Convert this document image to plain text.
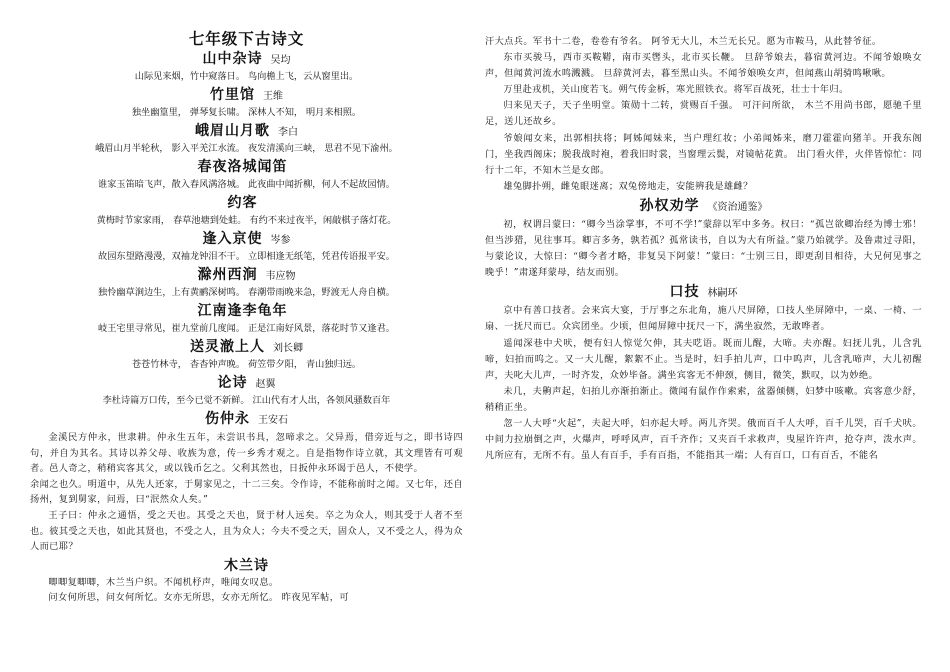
七年级下古诗文
山中杂诗 吴均
山际见来烟，竹中窥落日。 鸟向檐上飞，云从窗里出。
竹里馆 王维
独坐幽篁里， 弹琴复长啸。 深林人不知， 明月来相照。
峨眉山月歌 李白
峨眉山月半轮秋， 影入平羌江水流。 夜发清溪向三峡， 思君不见下渝州。
春夜洛城闻笛
谁家玉笛暗飞声，散入春风满洛城。 此夜曲中闻折柳，何人不起故园情。
约客
黄梅时节家家雨， 春草池塘到处蛙。 有约不来过夜半，闲敲棋子落灯花。
逢入京使 岑参
故园东望路漫漫，双袖龙钟泪不干。 立即相逢无纸笔，凭君传语报平安。
滁州西涧 韦应物
独怜幽草涧边生，上有黄鹂深树鸣。 春潮带雨晚来急，野渡无人舟自横。
江南逢李龟年
岐王宅里寻常见，崔九堂前几度闻。 正是江南好风景，落花时节又逢君。
送灵澈上人 刘长卿
苍苍竹林寺， 杳杳钟声晚。 荷笠带夕阳， 青山独归远。
论诗 赵翼
李杜诗篇万口传，至今已觉不新鲜。 江山代有才人出，各领风骚数百年
伤仲永 王安石

金溪民方仲永，世隶耕。仲永生五年，未尝识书具，忽啼求之。父异焉，借旁近与之，即书诗四句，并自为其名。其诗以养父母、收族为意，传一乡秀才观之。自是指物作诗立就，其文理皆有可观者。邑人奇之，稍稍宾客其父，或以钱币乞之。父利其然也，日扳仲永环谒于邑人，不使学。

余闻之也久。明道中，从先人还家，于舅家见之，十二三矣。令作诗，不能称前时之闻。又七年，还自扬州，复到舅家，问焉，曰“泯然众人矣。”

王子曰：仲永之通悟，受之天也。其受之天也，贤于材人远矣。卒之为众人，则其受于人者不至也。彼其受之天也，如此其贤也，不受之人，且为众人；今夫不受之天，固众人，又不受之人，得为众人而已耶？

木兰诗

唧唧复唧唧，木兰当户织。不闻机杼声，唯闻女叹息。

问女何所思，问女何所忆。女亦无所思，女亦无所忆。 昨夜见军帖，可

汗大点兵。军书十二卷，卷卷有爷名。 阿爷无大儿，木兰无长兄。愿为市鞍马，从此替爷征。

东市买骏马，西市买鞍鞯，南市买辔头，北市买长鞭。 旦辞爷娘去，暮宿黄河边。不闻爷娘唤女声，但闻黄河流水鸣溅溅。 旦辞黄河去，暮至黑山头。不闻爷娘唤女声，但闻燕山胡骑鸣啾啾。

万里赴戎机，关山度若飞。朔气传金柝，寒光照铁衣。将军百战死，壮士十年归。

归来见天子，天子坐明堂。策勋十二转，赏赐百千强。 可汗问所欲， 木兰不用尚书郎，愿驰千里足，送儿还故乡。

爷娘闻女来，出郭相扶将；阿姊闻妹来，当户理红妆；小弟闻姊来，磨刀霍霍向猪羊。开我东阁门，坐我西阁床；脱我战时袍，着我旧时裳，当窗理云鬓，对镜帖花黄。 出门看火伴，火伴皆惊忙：同行十二年，不知木兰是女郎。

雄兔脚扑朔，雌兔眼迷离；双兔傍地走，安能辨我是雄雌？

孙权劝学 《资治通鉴》

初，权谓吕蒙曰：“卿今当涂掌事，不可不学!”蒙辞以军中多务。权曰：“孤岂欲卿治经为博士邪！但当涉猎，见往事耳。卿言多务，孰若孤？孤常读书，自以为大有所益。”蒙乃始就学。及鲁肃过寻阳，与蒙论议，大惊曰：“卿今者才略，非复吴下阿蒙！”蒙曰：“士别三日，即更刮目相待，大兄何见事之晚乎！”肃遂拜蒙母，结友而别。

口技 林嗣环

京中有善口技者。会来宾大宴，于厅事之东北角，施八尺屏障，口技人坐屏障中，一桌、一椅、一扇、一抚尺而已。众宾团坐。少顷，但闻屏障中抚尺一下，满坐寂然，无敢哗者。

遥闻深巷中犬吠，便有妇人惊觉欠伸，其夫呓语。既而儿醒，大啼。夫亦醒。妇抚儿乳，儿含乳啼，妇拍而呜之。又一大儿醒，絮絮不止。当是时，妇手拍儿声，口中呜声，儿含乳啼声，大儿初醒声，夫叱大儿声，一时齐发，众妙毕备。满坐宾客无不伸颈，侧目，微笑，默叹，以为妙绝。

未几，夫齁声起，妇拍儿亦渐拍渐止。微闻有鼠作作索索，盆器倾侧，妇梦中咳嗽。宾客意少舒，稍稍正坐。

忽一人大呼“火起”，夫起大呼，妇亦起大呼。两儿齐哭。俄而百千人大呼，百千儿哭，百千犬吠。中间力拉崩倒之声，火爆声，呼呼风声，百千齐作；又夹百千求救声，曳屋许许声，抢夺声，泼水声。凡所应有，无所不有。虽人有百手，手有百指，不能指其一端；人有百口，口有百舌，不能名
